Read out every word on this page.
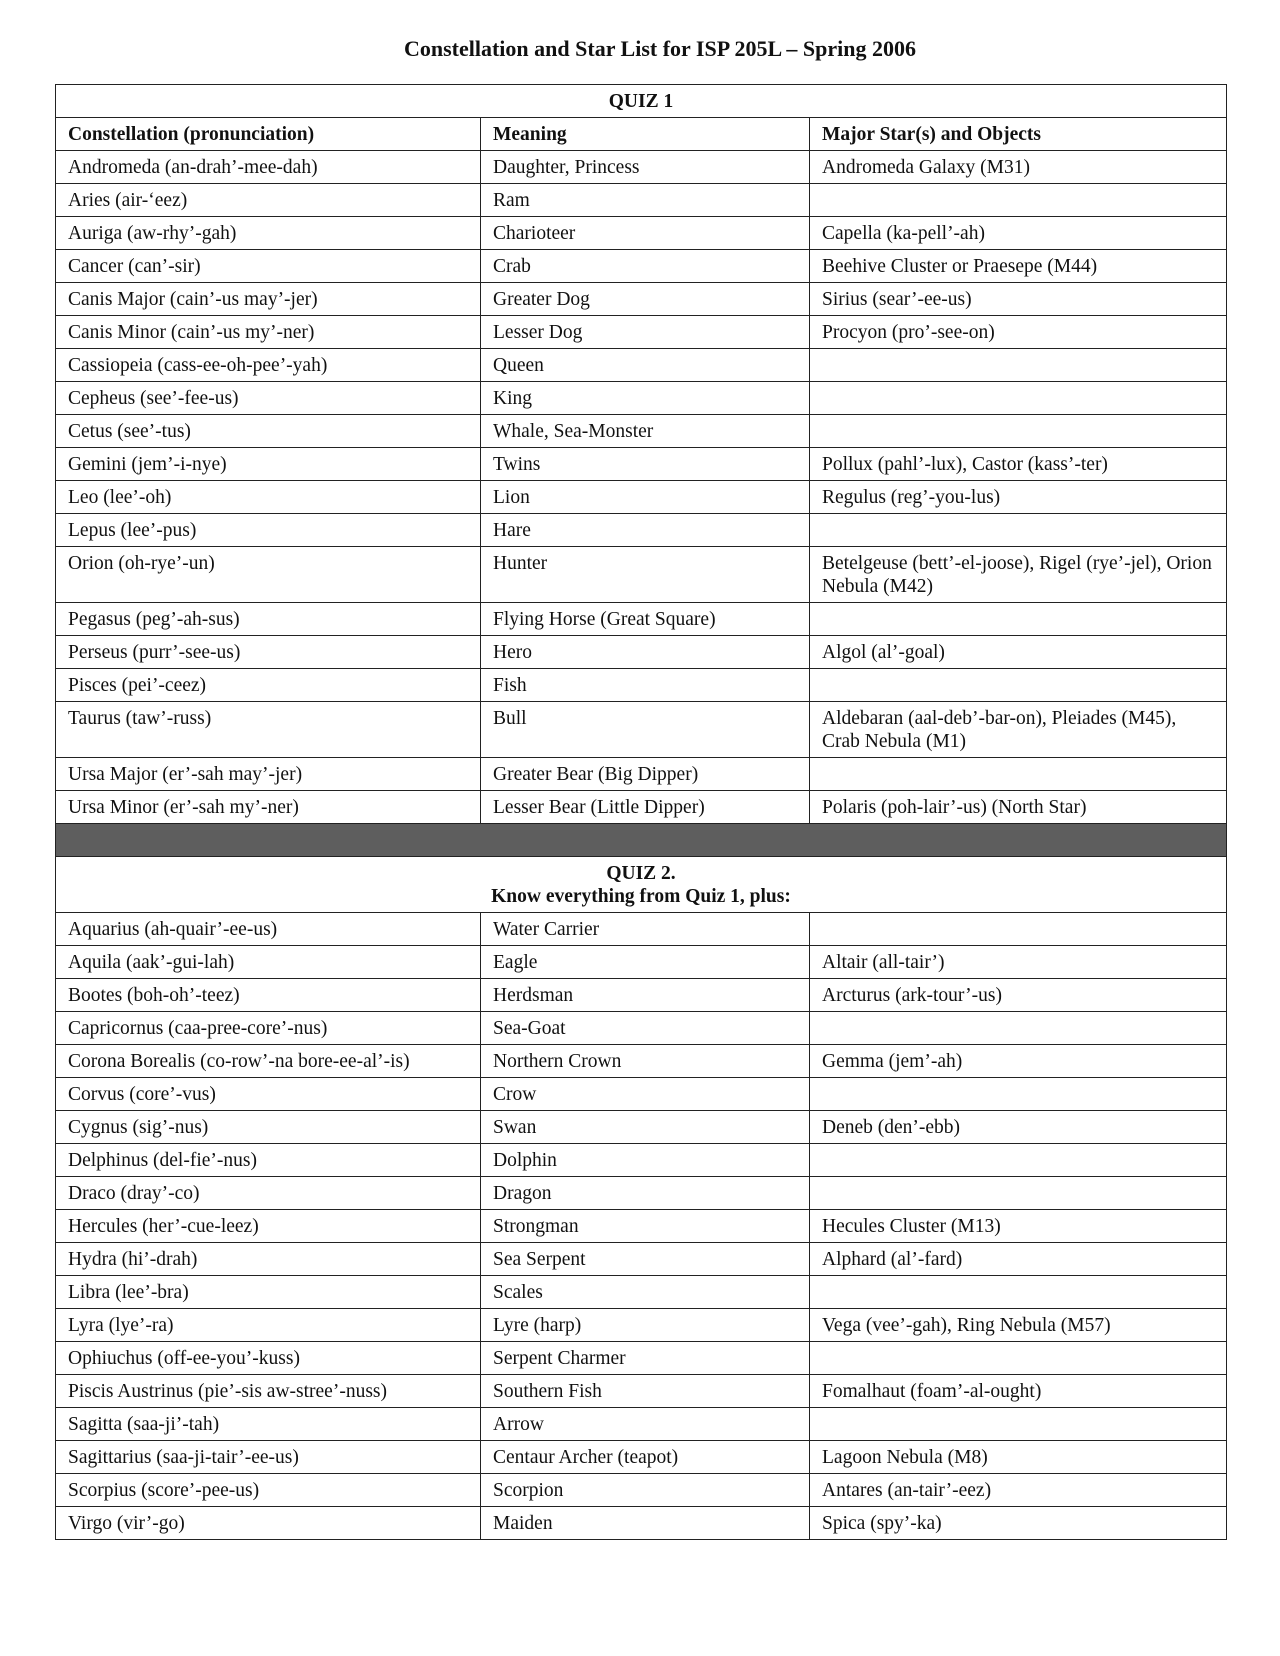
Constellation and Star List for ISP 205L – Spring 2006
QUIZ 1		
Constellation (pronunciation)	Meaning	Major Star(s) and Objects
Andromeda (an-drah’-mee-dah)	Daughter, Princess	Andromeda Galaxy (M31)
Aries (air-‘eez)	Ram	
Auriga (aw-rhy’-gah)	Charioteer	Capella (ka-pell’-ah)
Cancer (can’-sir)	Crab	Beehive Cluster or Praesepe (M44)
Canis Major (cain’-us may’-jer)	Greater Dog	Sirius (sear’-ee-us)
Canis Minor (cain’-us my’-ner)	Lesser Dog	Procyon (pro’-see-on)
Cassiopeia (cass-ee-oh-pee’-yah)	Queen	
Cepheus (see’-fee-us)	King	
Cetus (see’-tus)	Whale, Sea-Monster	
Gemini (jem’-i-nye)	Twins	Pollux (pahl’-lux), Castor (kass’-ter)
Leo (lee’-oh)	Lion	Regulus (reg’-you-lus)
Lepus (lee’-pus)	Hare	
Orion (oh-rye’-un)	Hunter	Betelgeuse (bett’-el-joose), Rigel (rye’-jel), Orion Nebula (M42)
Pegasus (peg’-ah-sus)	Flying Horse (Great Square)	
Perseus (purr’-see-us)	Hero	Algol (al’-goal)
Pisces (pei’-ceez)	Fish	
Taurus (taw’-russ)	Bull	Aldebaran (aal-deb’-bar-on), Pleiades (M45), Crab Nebula (M1)
Ursa Major (er’-sah may’-jer)	Greater Bear (Big Dipper)	
Ursa Minor (er’-sah my’-ner)	Lesser Bear (Little Dipper)	Polaris (poh-lair’-us) (North Star)

QUIZ 2.
Know everything from Quiz 1, plus:		

Aquarius (ah-quair’-ee-us)	Water Carrier	
Aquila (aak’-gui-lah)	Eagle	Altair (all-tair’)
Bootes (boh-oh’-teez)	Herdsman	Arcturus (ark-tour’-us)
Capricornus (caa-pree-core’-nus)	Sea-Goat	
Corona Borealis (co-row’-na bore-ee-al’-is)	Northern Crown	Gemma (jem’-ah)
Corvus (core’-vus)	Crow	
Cygnus (sig’-nus)	Swan	Deneb (den’-ebb)
Delphinus (del-fie’-nus)	Dolphin	
Draco (dray’-co)	Dragon	
Hercules (her’-cue-leez)	Strongman	Hecules Cluster (M13)
Hydra (hi’-drah)	Sea Serpent	Alphard (al’-fard)
Libra (lee’-bra)	Scales	
Lyra (lye’-ra)	Lyre (harp)	Vega (vee’-gah), Ring Nebula (M57)
Ophiuchus (off-ee-you’-kuss)	Serpent Charmer	
Piscis Austrinus (pie’-sis aw-stree’-nuss)	Southern Fish	Fomalhaut (foam’-al-ought)
Sagitta (saa-ji’-tah)	Arrow	
Sagittarius (saa-ji-tair’-ee-us)	Centaur Archer (teapot)	Lagoon Nebula (M8)
Scorpius (score’-pee-us)	Scorpion	Antares (an-tair’-eez)
Virgo (vir’-go)	Maiden	Spica (spy’-ka)
